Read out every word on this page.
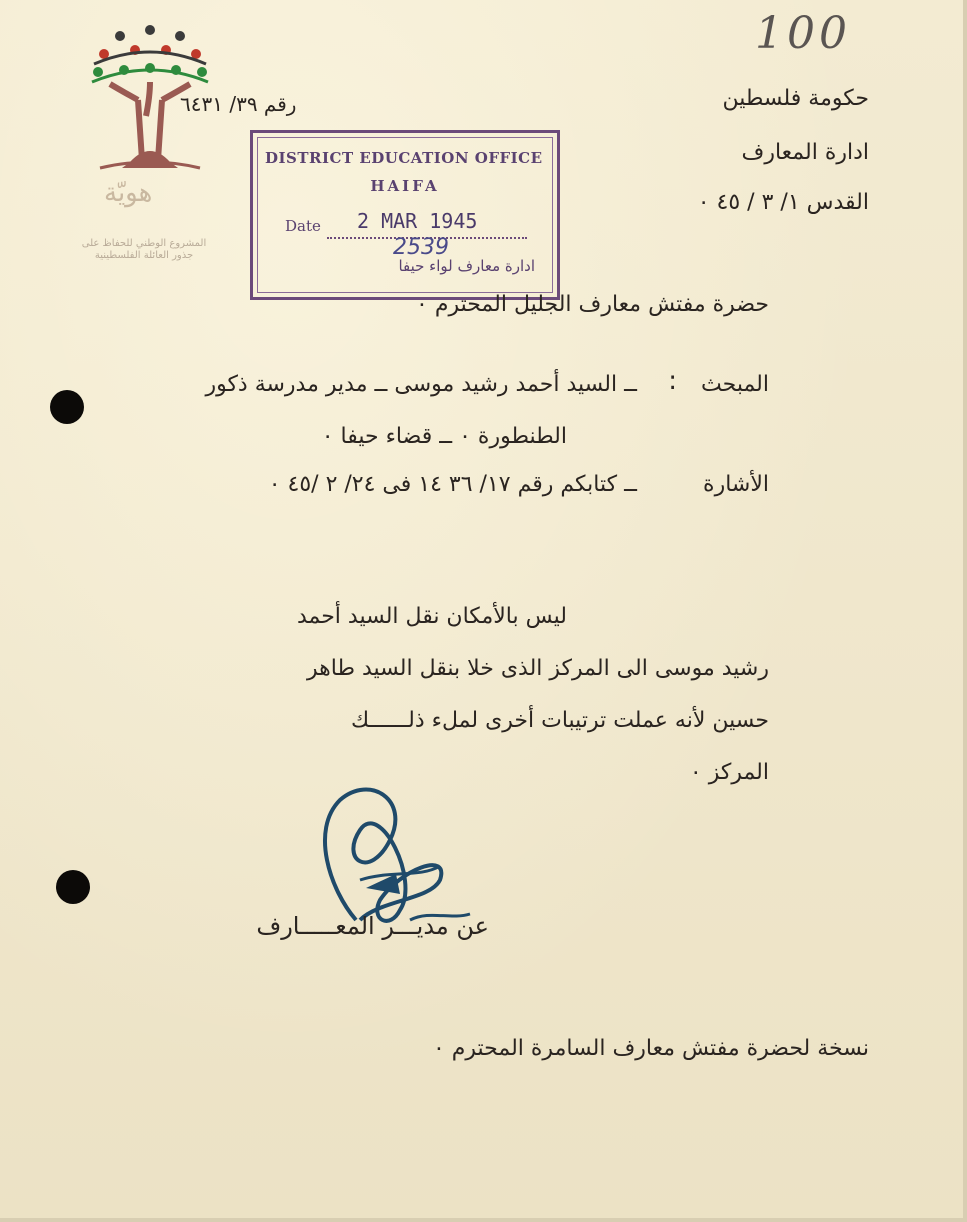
100
هويّة
المشروع الوطني للحفاظ على جذور العائلة الفلسطينية
حكومة فلسطين
ادارة المعارف
القدس ١/ ٣ / ٤٥ ٠
رقم ٣٩/ ٦٤٣١
DISTRICT EDUCATION OFFICE
HAIFA
Date 2 MAR 1945
2539
ادارة معارف لواء حيفا
حضرة مفتش معارف الجليل المحترم ٠
المبحث
:
ــ السيد أحمد رشيد موسى ــ مدير مدرسة ذكور
الطنطورة ٠ ــ قضاء حيفا ٠
الأشارة
ــ كتابكم رقم ١٧/ ٣٦ ١٤ فى ٢٤/ ٢ /٤٥ ٠
ليس بالأمكان نقل السيد أحمد
رشيد موسى الى المركز الذى خلا بنقل السيد طاهر
حسين لأنه عملت ترتيبات أخرى لملء ذلــــــك
المركز ٠
عن مديـــر المعـــــارف
نسخة لحضرة مفتش معارف السامرة المحترم ٠
